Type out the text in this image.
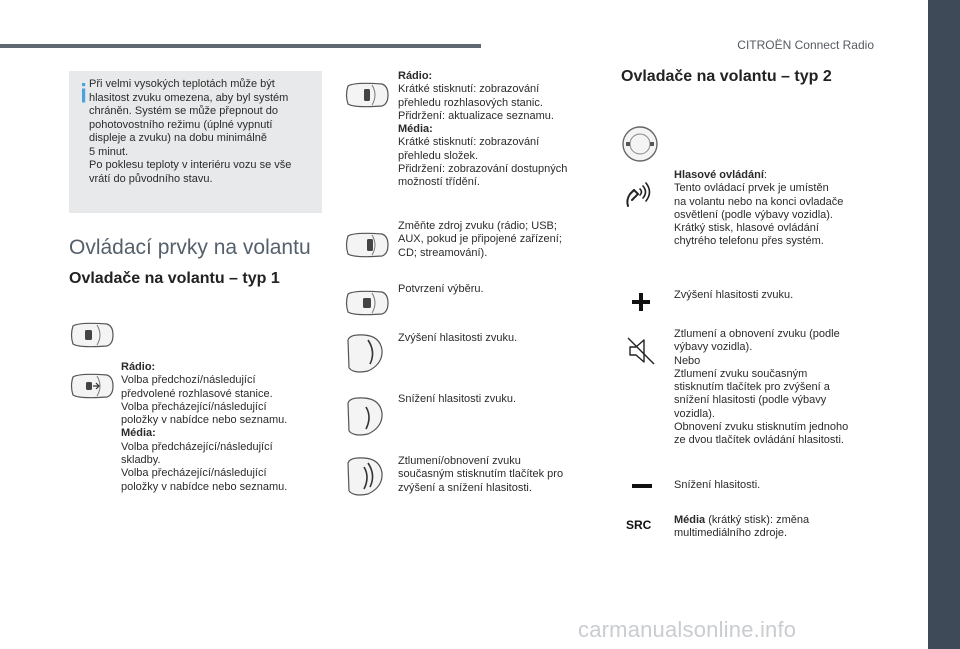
CITROËN Connect Radio
3
carmanualsonline.info
Při velmi vysokých teplotách může být
hlasitost zvuku omezena, aby byl systém
chráněn. Systém se může přepnout do
pohotovostního režimu (úplné vypnutí
displeje a zvuku) na dobu minimálně
5 minut.
Po poklesu teploty v interiéru vozu se vše
vrátí do původního stavu.
Ovládací prvky na volantu
Ovladače na volantu – typ 1
Rádio:
Volba předchozí/následující
předvolené rozhlasové stanice.
Volba přecházející/následující
položky v nabídce nebo seznamu.
Média:
Volba předcházející/následující
skladby.
Volba přecházející/následující
položky v nabídce nebo seznamu.
Rádio:
Krátké stisknutí: zobrazování
přehledu rozhlasových stanic.
Přidržení: aktualizace seznamu.
Média:
Krátké stisknutí: zobrazování
přehledu složek.
Přidržení: zobrazování dostupných
možností třídění.
Změňte zdroj zvuku (rádio; USB;
AUX, pokud je připojené zařízení;
CD; streamování).
Potvrzení výběru.
Zvýšení hlasitosti zvuku.
Snížení hlasitosti zvuku.
Ztlumení/obnovení zvuku
současným stisknutím tlačítek pro
zvýšení a snížení hlasitosti.
Ovladače na volantu – typ 2
Hlasové ovládání:
Tento ovládací prvek je umístěn
na volantu nebo na konci ovladače
osvětlení (podle výbavy vozidla).
Krátký stisk, hlasové ovládání
chytrého telefonu přes systém.
Zvýšení hlasitosti zvuku.
Ztlumení a obnovení zvuku (podle
výbavy vozidla).
Nebo
Ztlumení zvuku současným
stisknutím tlačítek pro zvýšení a
snížení hlasitosti (podle výbavy
vozidla).
Obnovení zvuku stisknutím jednoho
ze dvou tlačítek ovládání hlasitosti.
Snížení hlasitosti.
SRC Média (krátký stisk): změna
multimediálního zdroje.
